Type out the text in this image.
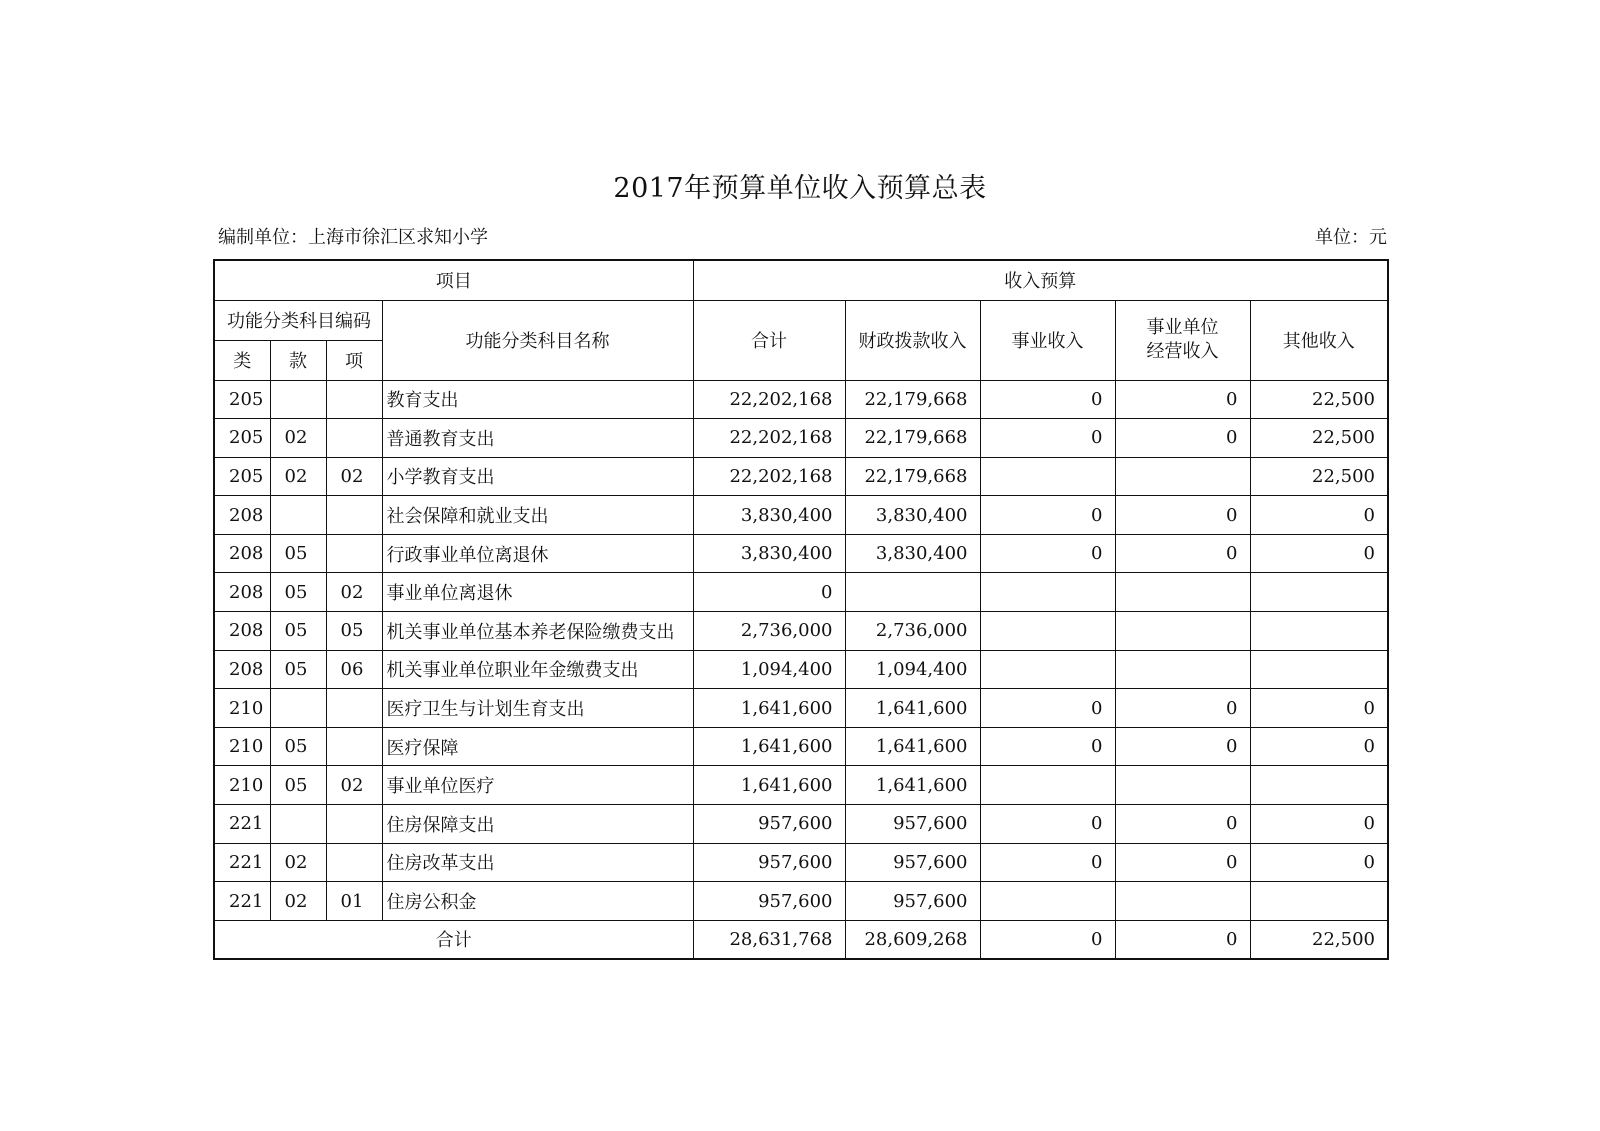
2017年预算单位收入预算总表
编制单位：上海市徐汇区求知小学	单位：元
项目				收入预算				
功能分类科目编码			功能分类科目名称	合计	财政拨款收入	事业收入	事业单位
经营收入	其他收入
类	款	项						
205			教育支出	22,202,168	22,179,668	0	0	22,500
205	02		普通教育支出	22,202,168	22,179,668	0	0	22,500
205	02	02	小学教育支出	22,202,168	22,179,668			22,500
208			社会保障和就业支出	3,830,400	3,830,400	0	0	0
208	05		行政事业单位离退休	3,830,400	3,830,400	0	0	0
208	05	02	事业单位离退休	0				
208	05	05	机关事业单位基本养老保险缴费支出	2,736,000	2,736,000			
208	05	06	机关事业单位职业年金缴费支出	1,094,400	1,094,400			
210			医疗卫生与计划生育支出	1,641,600	1,641,600	0	0	0
210	05		医疗保障	1,641,600	1,641,600	0	0	0
210	05	02	事业单位医疗	1,641,600	1,641,600			
221			住房保障支出	957,600	957,600	0	0	0
221	02		住房改革支出	957,600	957,600	0	0	0
221	02	01	住房公积金	957,600	957,600			
合计				28,631,768	28,609,268	0	0	22,500
